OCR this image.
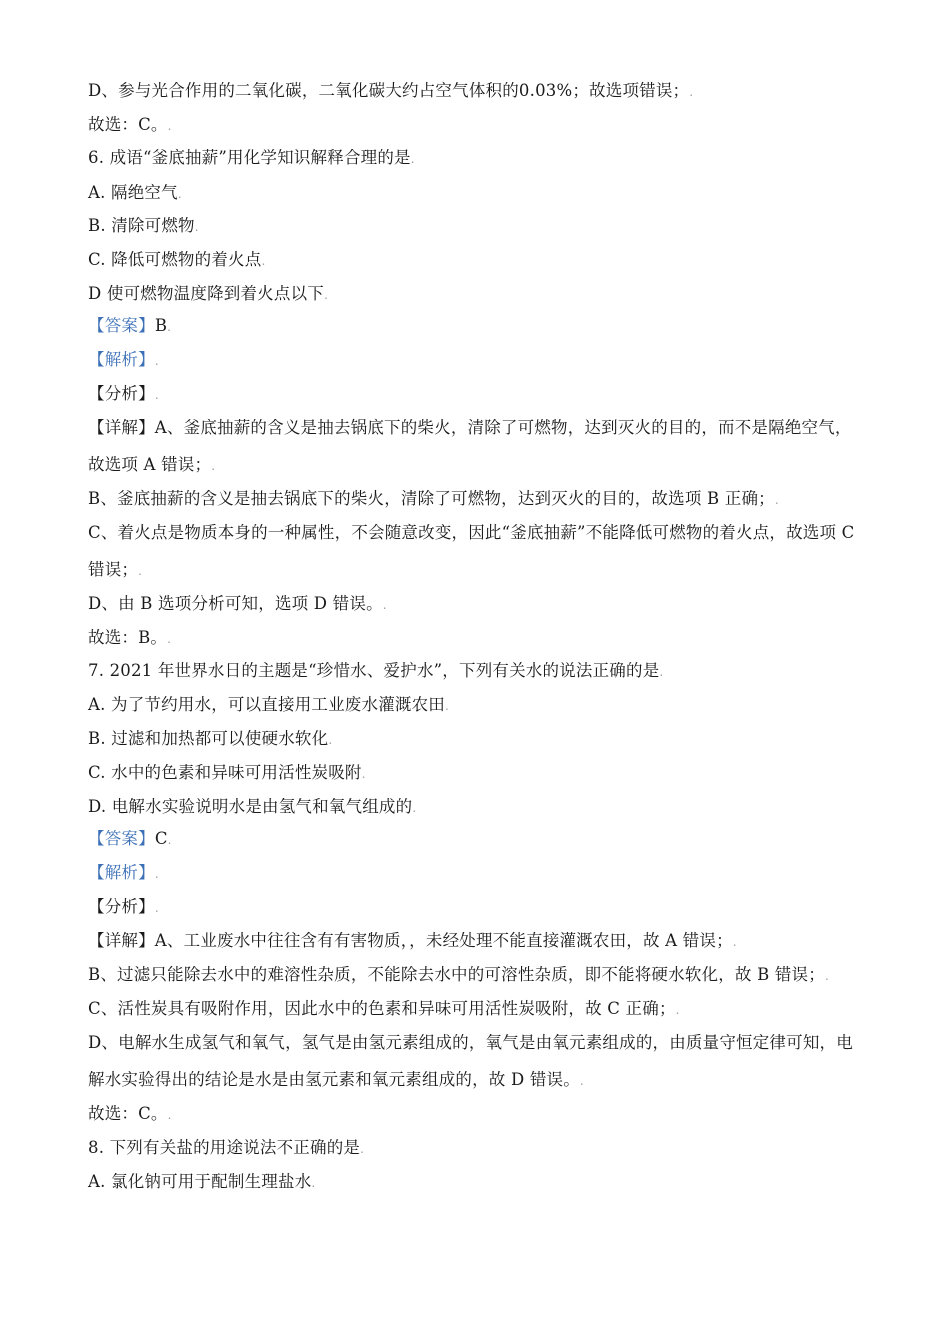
D、参与光合作用的二氧化碳，二氧化碳大约占空气体积的0.03%；故选项错误；.
故选：C。.
6. 成语“釜底抽薪”用化学知识解释合理的是.
A. 隔绝空气.
B. 清除可燃物.
C. 降低可燃物的着火点.
D 使可燃物温度降到着火点以下.
【答案】B.
【解析】.
【分析】.
【详解】A、釜底抽薪的含义是抽去锅底下的柴火，清除了可燃物，达到灭火的目的，而不是隔绝空气，
故选项 A 错误；.
B、釜底抽薪的含义是抽去锅底下的柴火，清除了可燃物，达到灭火的目的，故选项 B 正确；.
C、着火点是物质本身的一种属性，不会随意改变，因此“釜底抽薪”不能降低可燃物的着火点，故选项 C
错误；.
D、由 B 选项分析可知，选项 D 错误。.
故选：B。.
7. 2021 年世界水日的主题是“珍惜水、爱护水”，下列有关水的说法正确的是.
A. 为了节约用水，可以直接用工业废水灌溉农田.
B. 过滤和加热都可以使硬水软化.
C. 水中的色素和异味可用活性炭吸附.
D. 电解水实验说明水是由氢气和氧气组成的.
【答案】C.
【解析】.
【分析】.
【详解】A、工业废水中往往含有有害物质，，未经处理不能直接灌溉农田，故 A 错误；.
B、过滤只能除去水中的难溶性杂质，不能除去水中的可溶性杂质，即不能将硬水软化，故 B 错误；.
C、活性炭具有吸附作用，因此水中的色素和异味可用活性炭吸附，故 C 正确；.
D、电解水生成氢气和氧气，氢气是由氢元素组成的，氧气是由氧元素组成的，由质量守恒定律可知，电
解水实验得出的结论是水是由氢元素和氧元素组成的，故 D 错误。.
故选：C。.
8. 下列有关盐的用途说法不正确的是.
A. 氯化钠可用于配制生理盐水.
